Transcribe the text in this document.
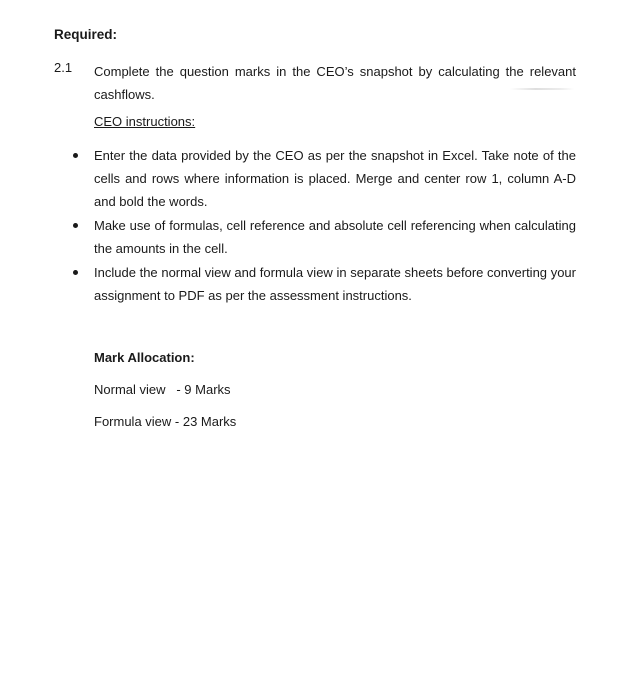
Required:
2.1 Complete the question marks in the CEO’s snapshot by calculating the relevant cashflows.
CEO instructions:
Enter the data provided by the CEO as per the snapshot in Excel. Take note of the cells and rows where information is placed. Merge and center row 1, column A-D and bold the words.
Make use of formulas, cell reference and absolute cell referencing when calculating the amounts in the cell.
Include the normal view and formula view in separate sheets before converting your assignment to PDF as per the assessment instructions.
Mark Allocation:
Normal view   - 9 Marks
Formula view - 23 Marks
